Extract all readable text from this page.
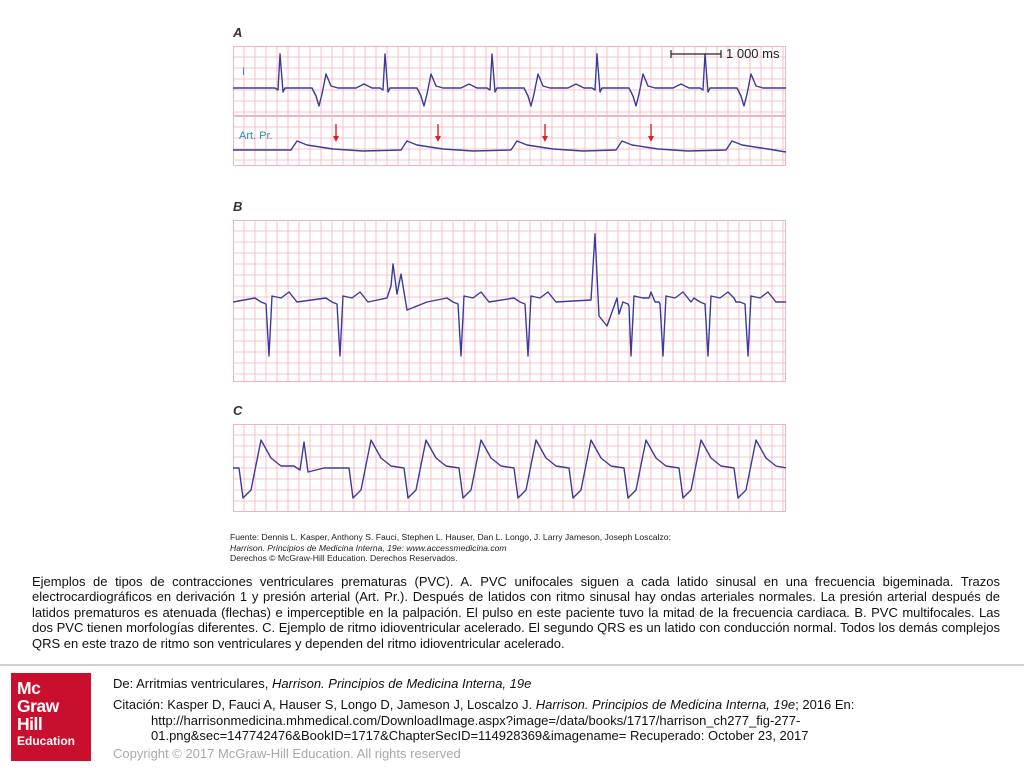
A
B
C
1 000 ms
I
Art. Pr.
Fuente: Dennis L. Kasper, Anthony S. Fauci, Stephen L. Hauser, Dan L. Longo, J. Larry Jameson, Joseph Loscalzo:
Harrison. Principios de Medicina Interna, 19e: www.accessmedicina.com
Derechos © McGraw-Hill Education. Derechos Reservados.
Ejemplos de tipos de contracciones ventriculares prematuras (PVC). A. PVC unifocales siguen a cada latido sinusal en una frecuencia bigeminada. Trazos electrocardiográficos en derivación 1 y presión arterial (Art. Pr.). Después de latidos con ritmo sinusal hay ondas arteriales normales. La presión arterial después de latidos prematuros es atenuada (flechas) e imperceptible en la palpación. El pulso en este paciente tuvo la mitad de la frecuencia cardiaca. B. PVC multifocales. Las dos PVC tienen morfologías diferentes. C. Ejemplo de ritmo idioventricular acelerado. El segundo QRS es un latido con conducción normal. Todos los demás complejos QRS en este trazo de ritmo son ventriculares y dependen del ritmo idioventricular acelerado.
Mc
Graw
Hill
Education
De: Arritmias ventriculares, Harrison. Principios de Medicina Interna, 19e
Citación: Kasper D, Fauci A, Hauser S, Longo D, Jameson J, Loscalzo J. Harrison. Principios de Medicina Interna, 19e; 2016 En:
http://harrisonmedicina.mhmedical.com/DownloadImage.aspx?image=/data/books/1717/harrison_ch277_fig-277-
01.png&sec=147742476&BookID=1717&ChapterSecID=114928369&imagename= Recuperado: October 23, 2017
Copyright © 2017 McGraw-Hill Education. All rights reserved
